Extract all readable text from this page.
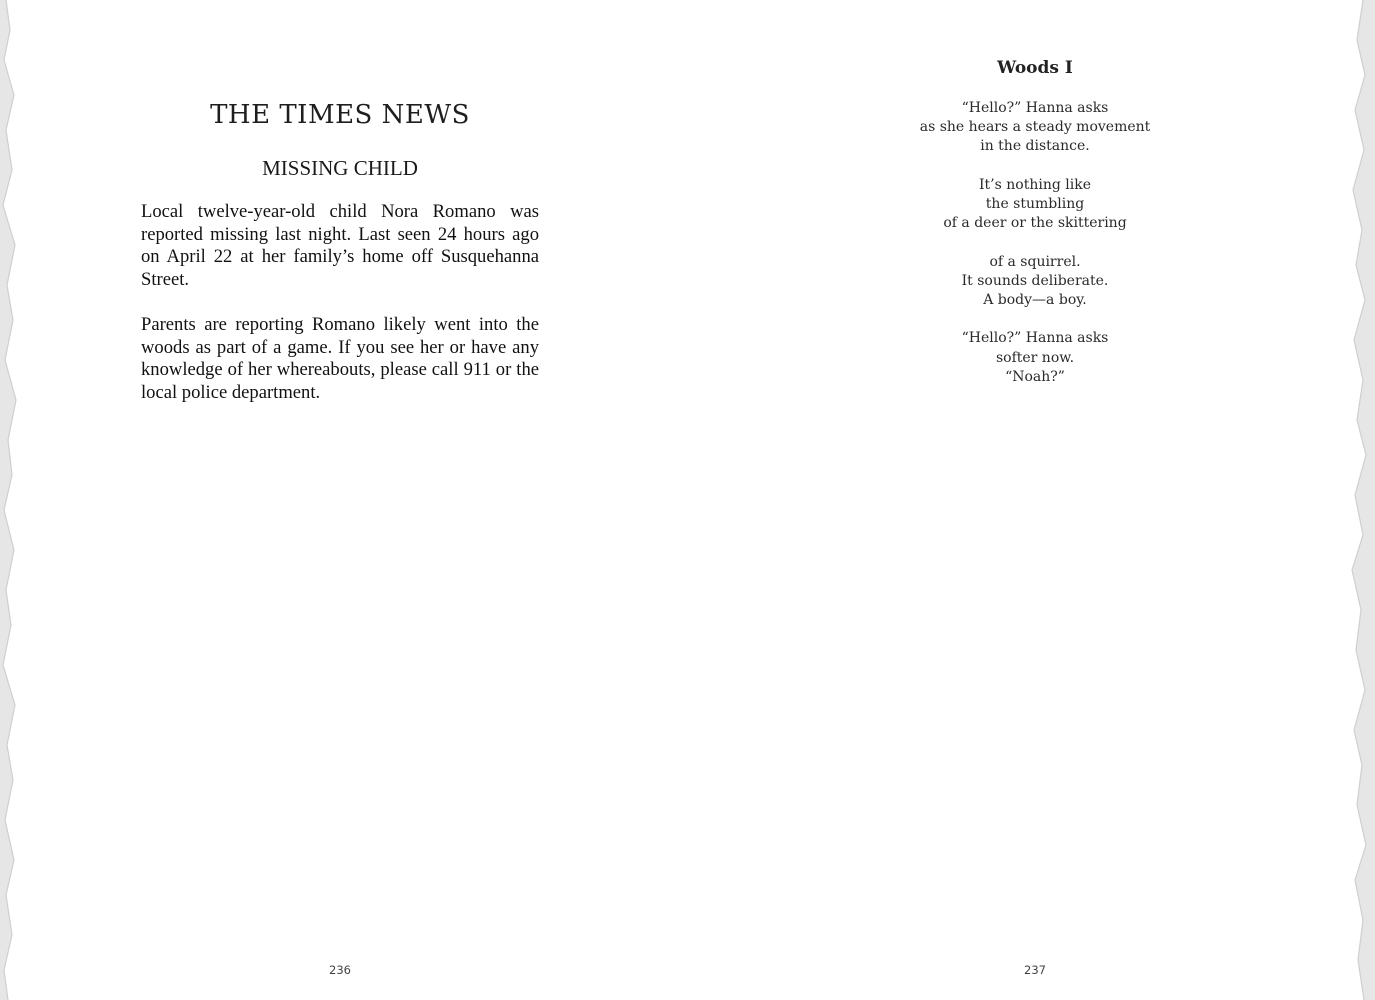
THE TIMES NEWS
MISSING CHILD

Local twelve-year-old child Nora Romano was reported missing last night. Last seen 24 hours ago on April 22 at her family’s home off Susquehanna Street.

Parents are reporting Romano likely went into the woods as part of a game. If you see her or have any knowledge of her whereabouts, please call 911 or the local police department.

236
Woods I
“Hello?” Hanna asks
as she hears a steady movement
in the distance.
It’s nothing like
the stumbling
of a deer or the skittering
of a squirrel.
It sounds deliberate.
A body—a boy.
“Hello?” Hanna asks
softer now.
“Noah?”
237
